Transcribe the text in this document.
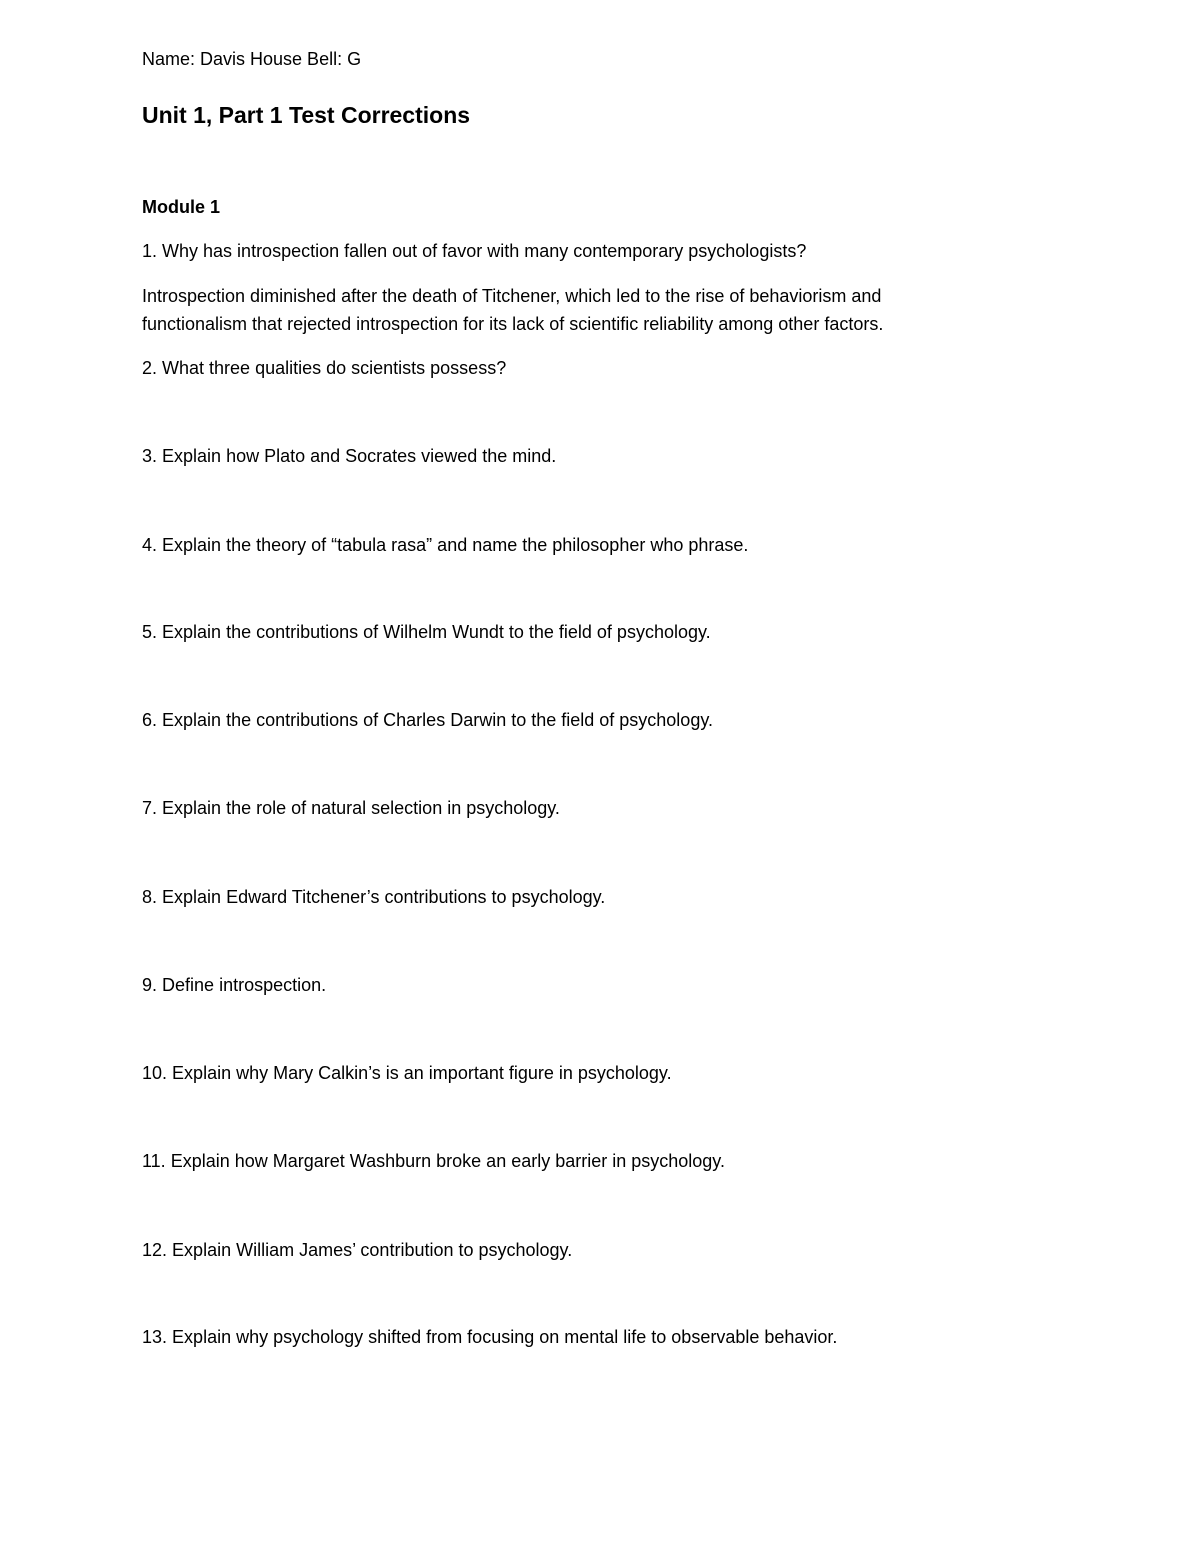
Name: Davis House Bell: G
Unit 1, Part 1 Test Corrections
Module 1
1. Why has introspection fallen out of favor with many contemporary psychologists?
Introspection diminished after the death of Titchener, which led to the rise of behaviorism and
functionalism that rejected introspection for its lack of scientific reliability among other factors.
2. What three qualities do scientists possess?
3. Explain how Plato and Socrates viewed the mind.
4. Explain the theory of “tabula rasa” and name the philosopher who phrase.
5. Explain the contributions of Wilhelm Wundt to the field of psychology.
6. Explain the contributions of Charles Darwin to the field of psychology.
7. Explain the role of natural selection in psychology.
8. Explain Edward Titchener’s contributions to psychology.
9. Define introspection.
10. Explain why Mary Calkin’s is an important figure in psychology.
11. Explain how Margaret Washburn broke an early barrier in psychology.
12. Explain William James’ contribution to psychology.
13. Explain why psychology shifted from focusing on mental life to observable behavior.
